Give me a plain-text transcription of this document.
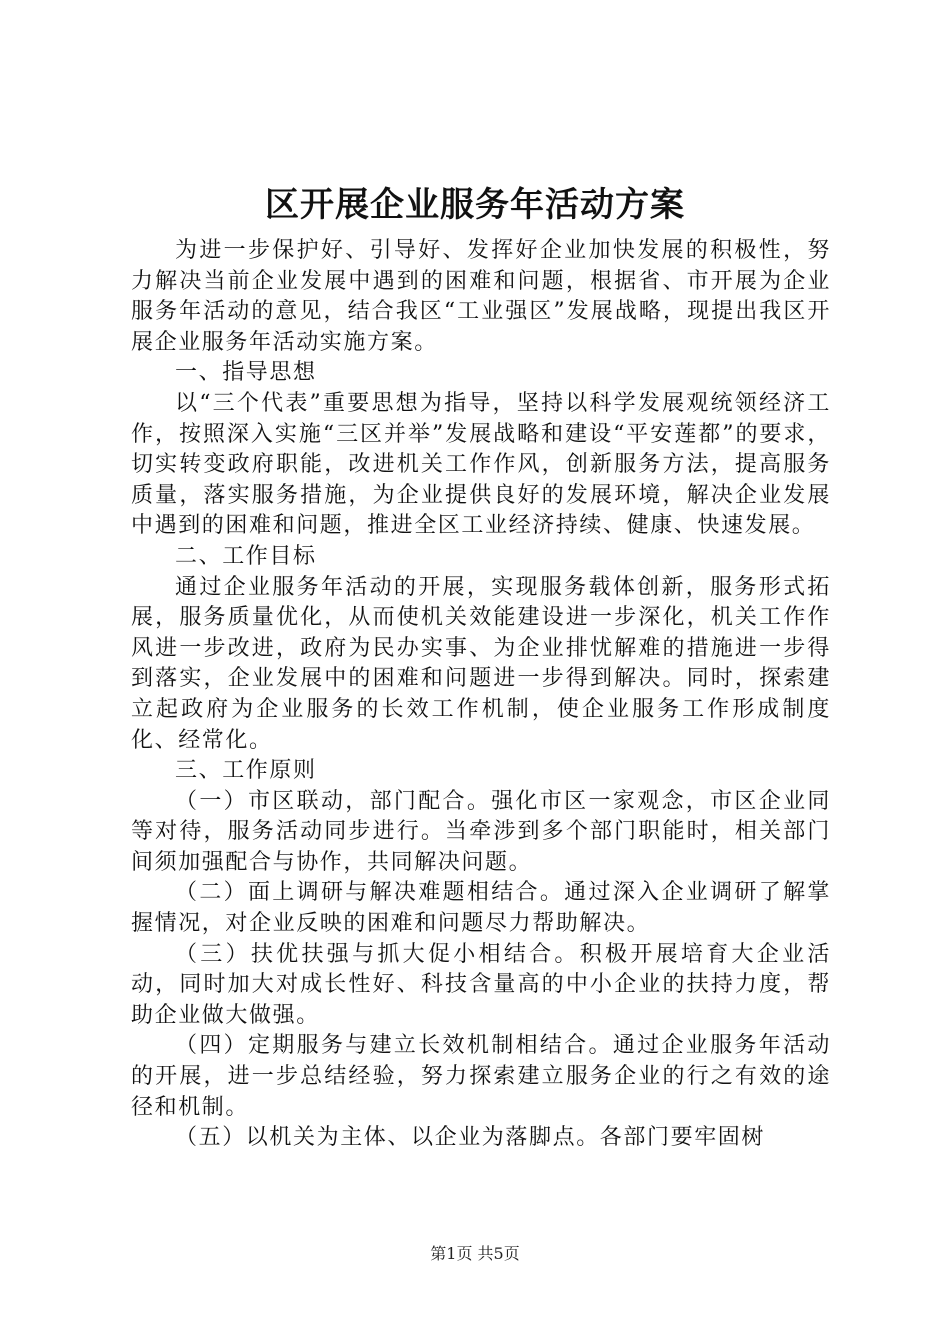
区开展企业服务年活动方案

为进一步保护好、引导好、发挥好企业加快发展的积极性，努力解决当前企业发展中遇到的困难和问题，根据省、市开展为企业服务年活动的意见，结合我区“工业强区”发展战略，现提出我区开展企业服务年活动实施方案。

一、指导思想

以“三个代表”重要思想为指导，坚持以科学发展观统领经济工作，按照深入实施“三区并举”发展战略和建设“平安莲都”的要求，切实转变政府职能，改进机关工作作风，创新服务方法，提高服务质量，落实服务措施，为企业提供良好的发展环境，解决企业发展中遇到的困难和问题，推进全区工业经济持续、健康、快速发展。

二、工作目标

通过企业服务年活动的开展，实现服务载体创新，服务形式拓展，服务质量优化，从而使机关效能建设进一步深化，机关工作作风进一步改进，政府为民办实事、为企业排忧解难的措施进一步得到落实，企业发展中的困难和问题进一步得到解决。同时，探索建立起政府为企业服务的长效工作机制，使企业服务工作形成制度化、经常化。

三、工作原则

（一）市区联动，部门配合。强化市区一家观念，市区企业同等对待，服务活动同步进行。当牵涉到多个部门职能时，相关部门间须加强配合与协作，共同解决问题。

（二）面上调研与解决难题相结合。通过深入企业调研了解掌握情况，对企业反映的困难和问题尽力帮助解决。

（三）扶优扶强与抓大促小相结合。积极开展培育大企业活动，同时加大对成长性好、科技含量高的中小企业的扶持力度，帮助企业做大做强。

（四）定期服务与建立长效机制相结合。通过企业服务年活动的开展，进一步总结经验，努力探索建立服务企业的行之有效的途径和机制。

（五）以机关为主体、以企业为落脚点。各部门要牢固树

第1页 共5页
